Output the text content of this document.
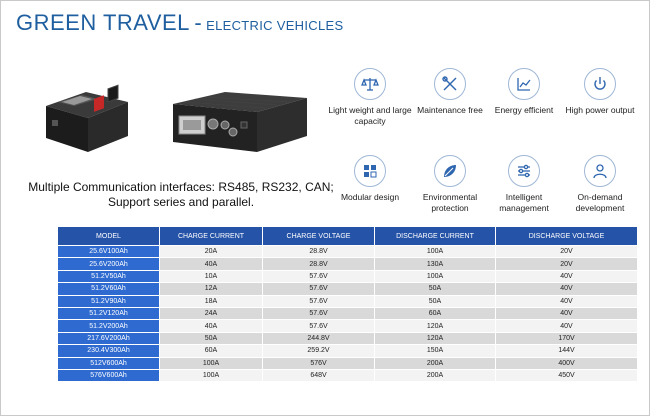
GREEN TRAVEL - ELECTRIC VEHICLES
Light weight and large capacity
Maintenance free	Energy efficient	High power output
Modular design	Environmental protection
Intelligent management
On-demand development
Multiple Communication interfaces: RS485, RS232, CAN;
Support series and parallel.
MODEL	CHARGE CURRENT	CHARGE VOLTAGE	DISCHARGE CURRENT	DISCHARGE VOLTAGE
25.6V100Ah	20A	28.8V	100A	20V
25.6V200Ah	40A	28.8V	130A	20V
51.2V50Ah	10A	57.6V	100A	40V
51.2V60Ah	12A	57.6V	50A	40V
51.2V90Ah	18A	57.6V	50A	40V
51.2V120Ah	24A	57.6V	60A	40V
51.2V200Ah	40A	57.6V	120A	40V
217.6V200Ah	50A	244.8V	120A	170V
230.4V300Ah	60A	259.2V	150A	144V
512V600Ah	100A	576V	200A	400V
576V600Ah	100A	648V	200A	450V
